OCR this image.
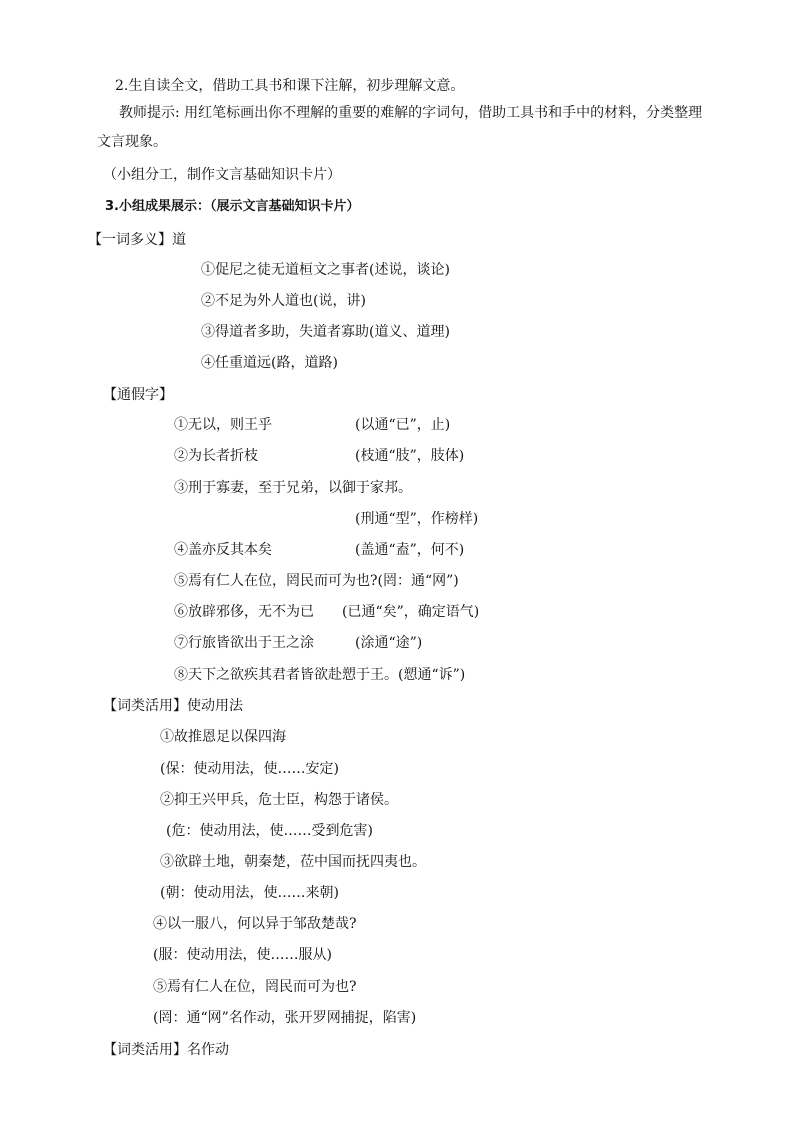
2.生自读全文，借助工具书和课下注解，初步理解文意。
教师提示: 用红笔标画出你不理解的重要的难解的字词句，借助工具书和手中的材料，分类整理
文言现象。
（小组分工，制作文言基础知识卡片）
3.小组成果展示：（展示文言基础知识卡片）
【一词多义】道
①促尼之徒无道桓文之事者(述说，谈论)
②不足为外人道也(说，讲)
③得道者多助，失道者寡助(道义、道理)
④任重道远(路，道路)
【通假字】
①无以，则王乎	(以通“已”，止)
②为长者折枝	(枝通“肢”，肢体)
③刑于寡妻，至于兄弟，以御于家邦。
(刑通“型”，作榜样)
④盖亦反其本矣	(盖通“盍”，何不)
⑤焉有仁人在位，罔民而可为也?(罔：通“网”)
⑥放辟邪侈，无不为已 (已通“矣”，确定语气)
⑦行旅皆欲出于王之涂	(涂通“途”)
⑧天下之欲疾其君者皆欲赴愬于王。(愬通“诉”)
【词类活用】使动用法
①故推恩足以保四海
(保：使动用法，使……安定)
②抑王兴甲兵，危士臣，构怨于诸侯。
(危：使动用法，使……受到危害)
③欲辟土地，朝秦楚，莅中国而抚四夷也。
(朝：使动用法，使……来朝)
④以一服八，何以异于邹敌楚哉?
(服：使动用法，使……服从)
⑤焉有仁人在位，罔民而可为也?
(罔：通“网”名作动，张开罗网捕捉，陷害)
【词类活用】名作动
